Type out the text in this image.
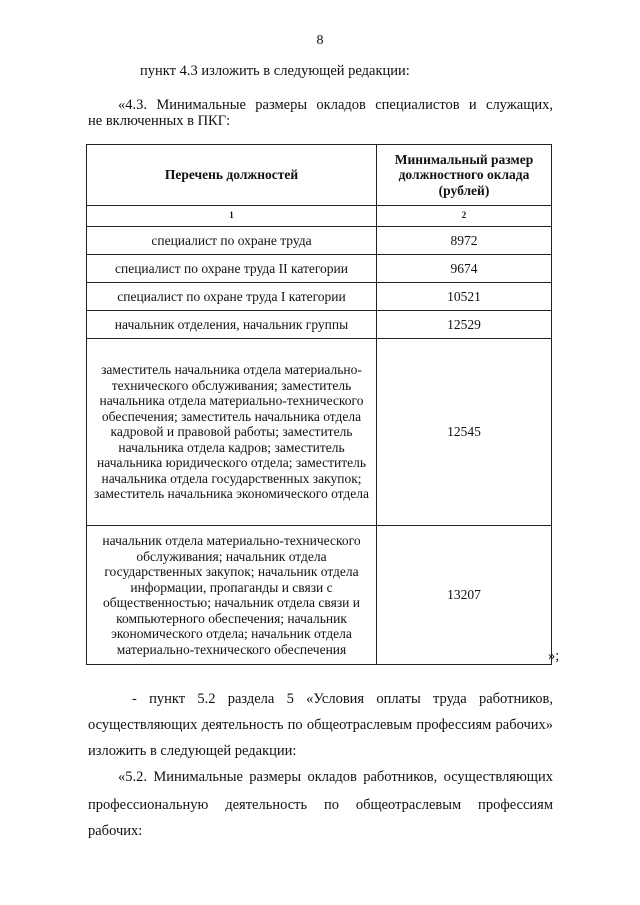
8
пункт 4.3 изложить в следующей редакции:
«4.3. Минимальные размеры окладов специалистов и служащих,
не включенных в ПКГ:
Перечень должностей	Минимальный размер должностного оклада (рублей)
1	2
специалист по охране труда	8972
специалист по охране труда II категории	9674
специалист по охране труда I категории	10521
начальник отделения, начальник группы	12529
заместитель начальника отдела материально-технического обслуживания; заместитель начальника отдела материально-технического обеспечения; заместитель начальника отдела кадровой и правовой работы; заместитель начальника отдела кадров; заместитель начальника юридического отдела; заместитель начальника отдела государственных закупок; заместитель начальника экономического отдела	12545
начальник отдела материально-технического обслуживания; начальник отдела государственных закупок; начальник отдела информации, пропаганды и связи с общественностью; начальник отдела связи и компьютерного обеспечения; начальник экономического отдела; начальник отдела материально-технического обеспечения	13207
»;
- пункт 5.2 раздела 5 «Условия оплаты труда работников,
осуществляющих деятельность по общеотраслевым профессиям рабочих»
изложить в следующей редакции:
«5.2. Минимальные размеры окладов работников, осуществляющих
профессиональную деятельность по общеотраслевым профессиям
рабочих:
